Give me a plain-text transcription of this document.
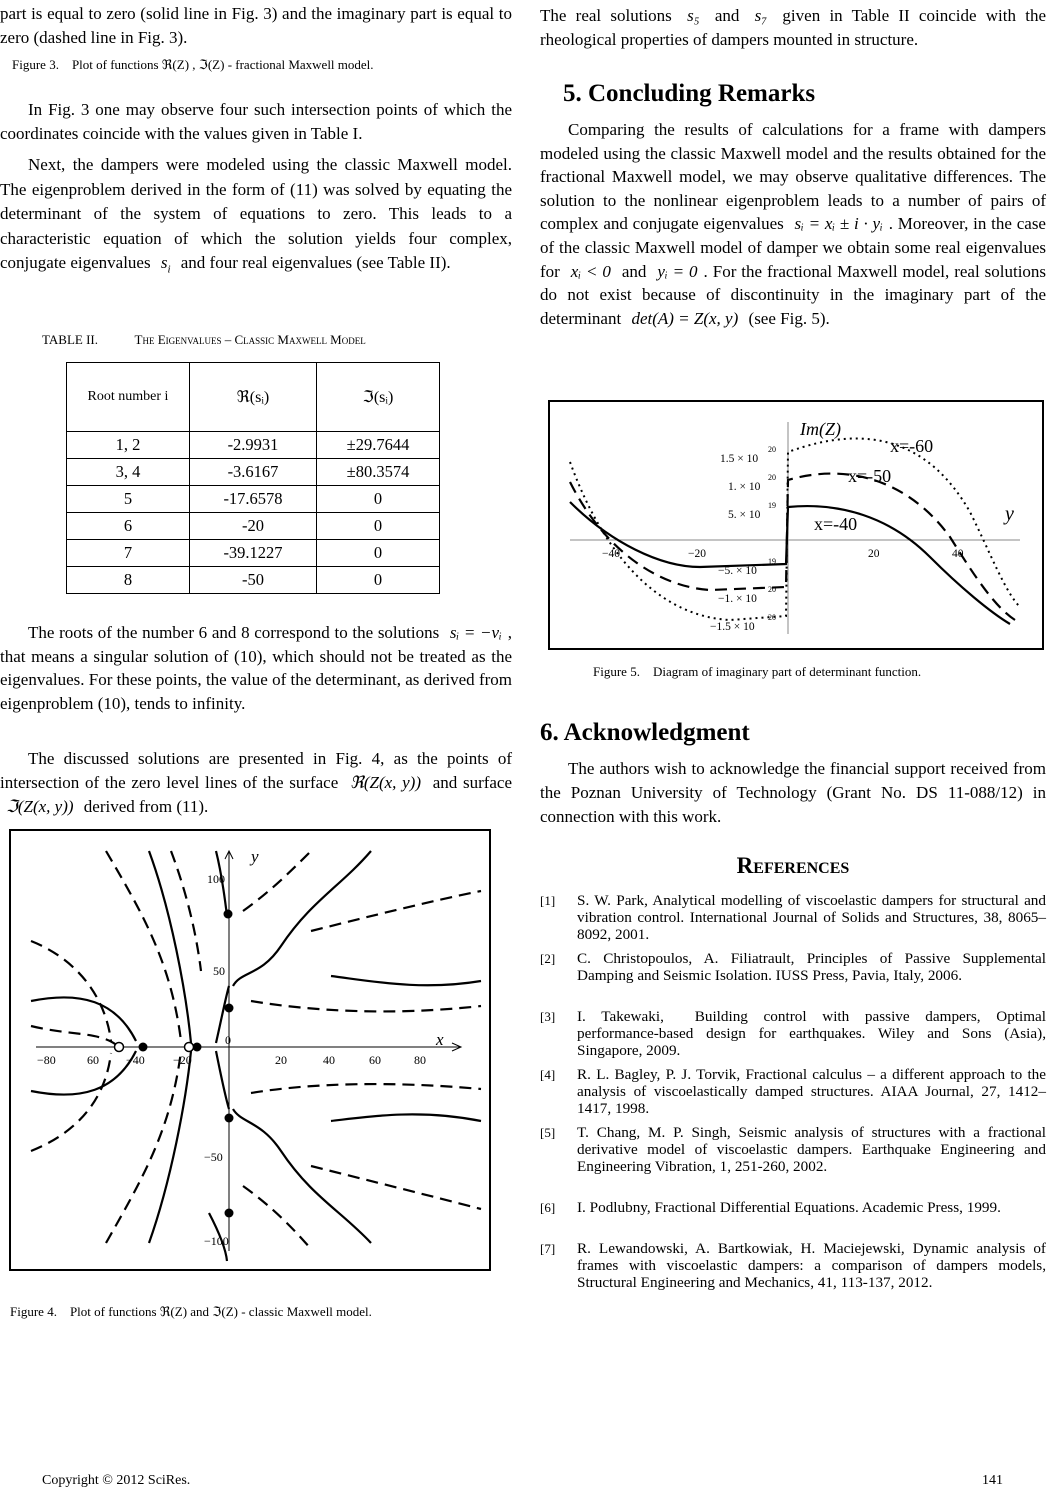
part is equal to zero (solid line in Fig. 3) and the imaginary part is equal to zero (dashed line in Fig. 3).

Figure 3. Plot of functions ℜ(Z) , ℑ(Z) - fractional Maxwell model.

In Fig. 3 one may observe four such intersection points of which the coordinates coincide with the values given in Table I.

Next, the dampers were modeled using the classic Maxwell model. The eigenproblem derived in the form of (11) was solved by equating the determinant of the system of equations to zero. This leads to a characteristic equation of which the solution yields four complex, conjugate eigenvalues $s_i$ and four real eigenvalues (see Table II).

TABLE II.	The Eigenvalues – Classic Maxwell Model
Root number i	ℜ(sᵢ)	ℑ(sᵢ)
1, 2	-2.9931	±29.7644
3, 4	-3.6167	±80.3574
5	-17.6578	0
6	-20	0
7	-39.1227	0
8	-50	0

The roots of the number 6 and 8 correspond to the solutions sᵢ = −νᵢ , that means a singular solution of (10), which should not be treated as the eigenvalues. For these points, the value of the determinant, as derived from eigenproblem (10), tends to infinity.

The discussed solutions are presented in Fig. 4, as the points of intersection of the zero level lines of the surface ℜ(Z(x, y)) and surface ℑ(Z(x, y)) derived from (11).

y
x
−80	60 −40 −20
0
20	40	60	80
100
50
−50
−100
Figure 4. Plot of functions ℜ(Z) and ℑ(Z) - classic Maxwell model.

The real solutions s₅ and s₇ given in Table II coincide with the rheological properties of dampers mounted in structure.

5. Concluding Remarks

Comparing the results of calculations for a frame with dampers modeled using the classic Maxwell model and the results obtained for the fractional Maxwell model, we may observe qualitative differences. The solution to the nonlinear eigenproblem leads to a number of pairs of complex and conjugate eigenvalues sᵢ = xᵢ ± i · yᵢ . Moreover, in the case of the classic Maxwell model of damper we obtain some real eigenvalues for xᵢ < 0 and yᵢ = 0 . For the fractional Maxwell model, real solutions do not exist because of discontinuity in the imaginary part of the determinant det(A) = Z(x, y) (see Fig. 5).

Im(Z)
y
x=-60
x=-50
x=-40
1.5 × 10
20
1. × 10
20
5. × 10
19
−5. × 10
19
−1. × 10
20
−1.5 × 10
20
−40	−20	20	40
Figure 5. Diagram of imaginary part of determinant function.
6. Acknowledgment

The authors wish to acknowledge the financial support received from the Poznan University of Technology (Grant No. DS 11-088/12) in connection with this work.

References
[1] S. W. Park, Analytical modelling of viscoelastic dampers for structural and vibration control. International Journal of Solids and Structures, 38, 8065–8092, 2001.
[2] C. Christopoulos, A. Filiatrault, Principles of Passive Supplemental Damping and Seismic Isolation. IUSS Press, Pavia, Italy, 2006.
[3] I. Takewaki,  Building control with passive dampers, Optimal performance-based design for earthquakes. Wiley and Sons (Asia), Singapore, 2009.
[4] R. L. Bagley, P. J. Torvik, Fractional calculus – a different approach to the analysis of viscoelastically damped structures. AIAA Journal, 27, 1412–1417, 1998.
[5] T. Chang, M. P. Singh, Seismic analysis of structures with a fractional derivative model of viscoelastic dampers. Earthquake Engineering and Engineering Vibration, 1, 251-260, 2002.
[6] I. Podlubny, Fractional Differential Equations. Academic Press, 1999.
[7] R. Lewandowski, A. Bartkowiak, H. Maciejewski, Dynamic analysis of frames with viscoelastic dampers: a comparison of dampers models, Structural Engineering and Mechanics, 41, 113-137, 2012.
Copyright © 2012 SciRes.	141
